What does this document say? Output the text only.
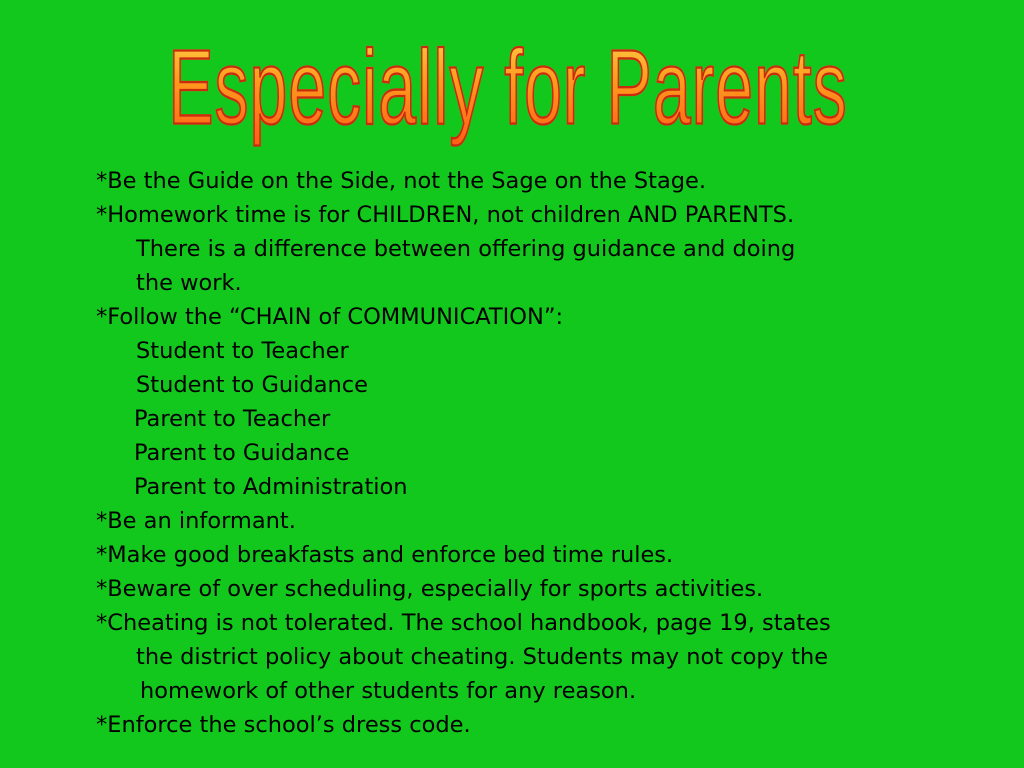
Especially for Parents
*Be the Guide on the Side, not the Sage on the Stage.
*Homework time is for CHILDREN, not children AND PARENTS.
There is a difference between offering guidance and doing
the work.
*Follow the “CHAIN of COMMUNICATION”:
Student to Teacher
Student to Guidance
Parent to Teacher
Parent to Guidance
Parent to Administration
*Be an informant.
*Make good breakfasts and enforce bed time rules.
*Beware of over scheduling, especially for sports activities.
*Cheating is not tolerated. The school handbook, page 19, states
the district policy about cheating. Students may not copy the
homework of other students for any reason.
*Enforce the school’s dress code.
